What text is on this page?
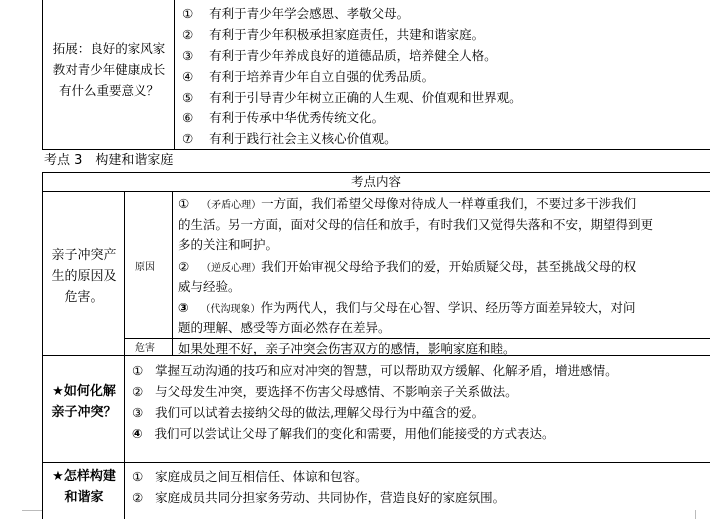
拓展：良好的家风家教对青少年健康成长有什么重要意义？
① 有利于青少年学会感恩、孝敬父母。
② 有利于青少年积极承担家庭责任，共建和谐家庭。
③ 有利于青少年养成良好的道德品质，培养健全人格。
④ 有利于培养青少年自立自强的优秀品质。
⑤ 有利于引导青少年树立正确的人生观、价值观和世界观。
⑥ 有利于传承中华优秀传统文化。
⑦ 有利于践行社会主义核心价值观。
考点 3　构建和谐家庭
考点内容
亲子冲突产生的原因及危害。
原因
危害
① （矛盾心理）一方面，我们希望父母像对待成人一样尊重我们，不要过多干涉我们
的生活。另一方面，面对父母的信任和放手，有时我们又觉得失落和不安，期望得到更
多的关注和呵护。
② （逆反心理）我们开始审视父母给予我们的爱，开始质疑父母，甚至挑战父母的权
威与经验。
③ （代沟现象）作为两代人，我们与父母在心智、学识、经历等方面差异较大，对问
题的理解、感受等方面必然存在差异。
如果处理不好，亲子冲突会伤害双方的感情，影响家庭和睦。
★如何化解亲子冲突？
① 掌握互动沟通的技巧和应对冲突的智慧，可以帮助双方缓解、化解矛盾，增进感情。
② 与父母发生冲突，要选择不伤害父母感情、不影响亲子关系做法。
③ 我们可以试着去接纳父母的做法,理解父母行为中蕴含的爱。
④ 我们可以尝试让父母了解我们的变化和需要，用他们能接受的方式表达。
★怎样构建和谐家
① 家庭成员之间互相信任、体谅和包容。
② 家庭成员共同分担家务劳动、共同协作，营造良好的家庭氛围。
